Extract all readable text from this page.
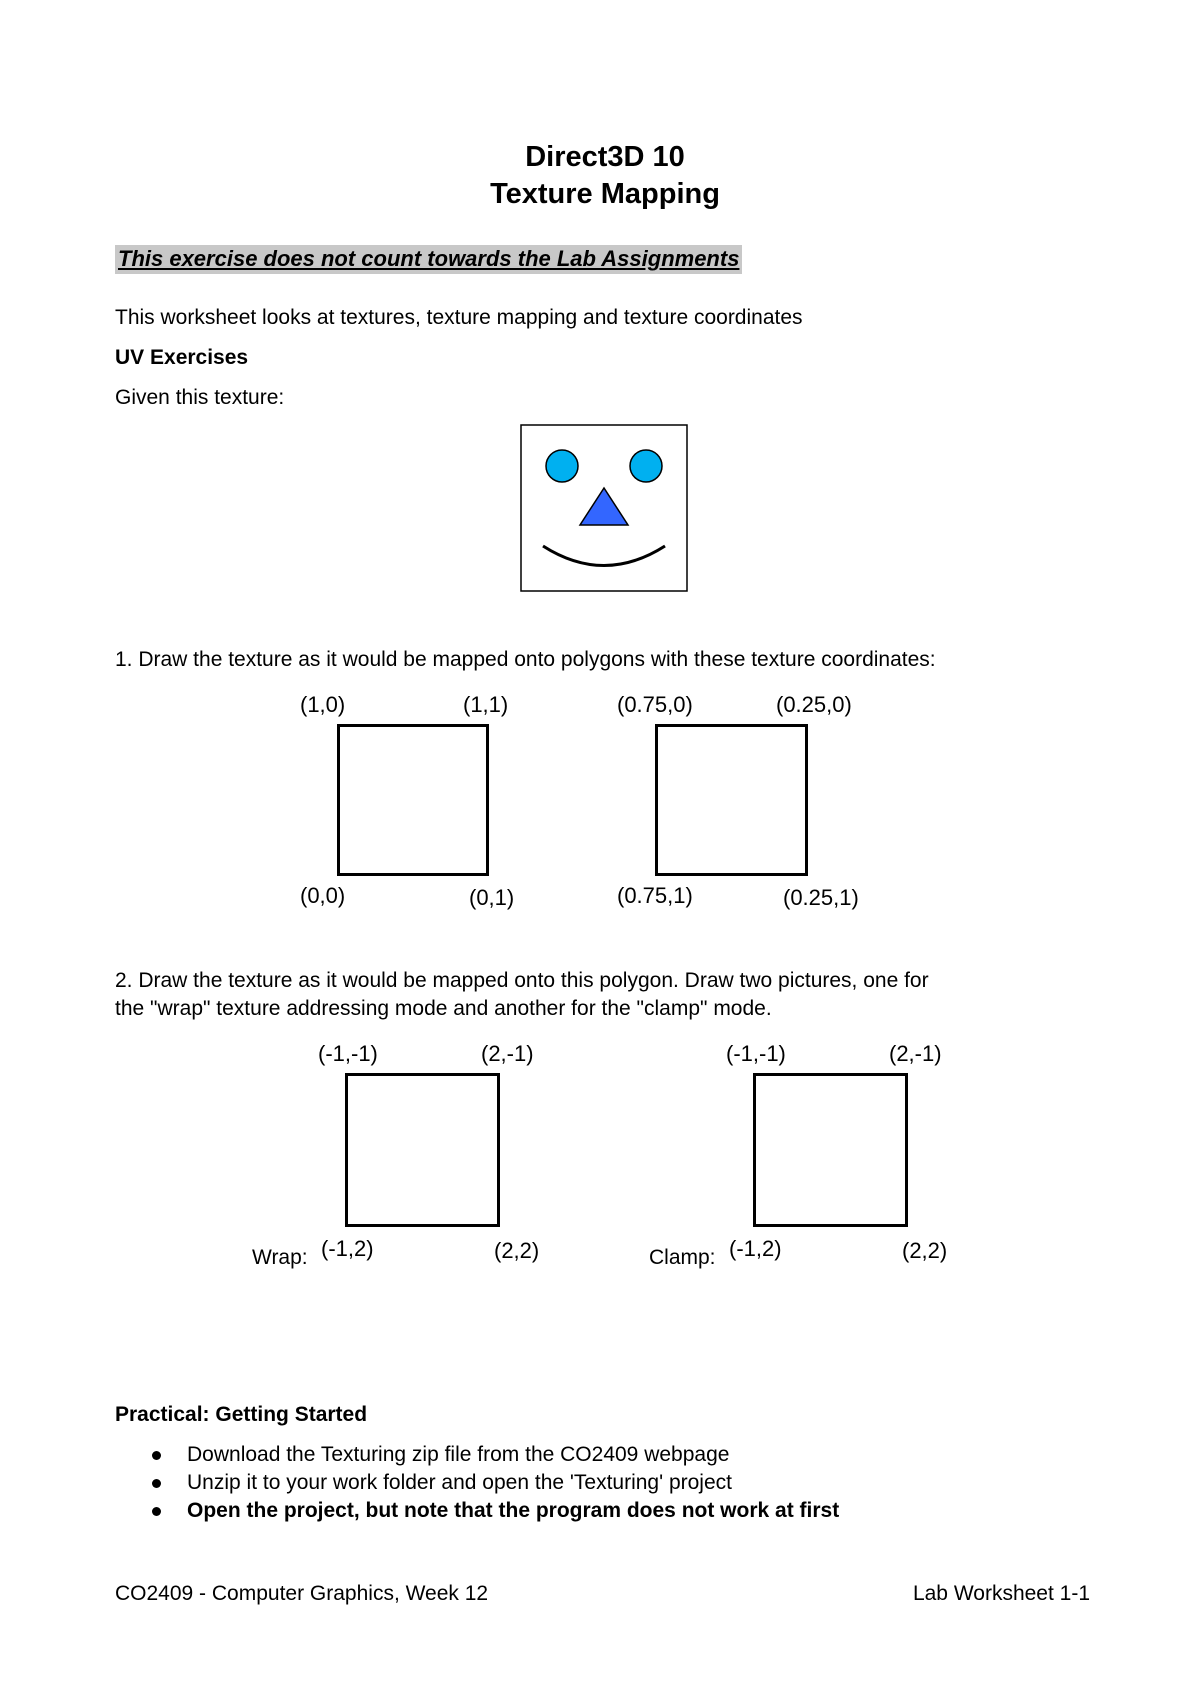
Direct3D 10
Texture Mapping
This exercise does not count towards the Lab Assignments
This worksheet looks at textures, texture mapping and texture coordinates
UV Exercises
Given this texture:
1. Draw the texture as it would be mapped onto polygons with these texture coordinates:
(1,0)	(1,1)
(0,0)	(0,1)
(0.75,0)	(0.25,0)
(0.75,1)	(0.25,1)
2. Draw the texture as it would be mapped onto this polygon. Draw two pictures, one for
the "wrap" texture addressing mode and another for the "clamp" mode.
(-1,-1)	(2,-1)
Wrap: (-1,2)	(2,2)
(-1,-1)	(2,-1)
Clamp: (-1,2)	(2,2)
Practical: Getting Started
Download the Texturing zip file from the CO2409 webpage
Unzip it to your work folder and open the 'Texturing' project
Open the project, but note that the program does not work at first
CO2409 - Computer Graphics, Week 12	Lab Worksheet 1-1
